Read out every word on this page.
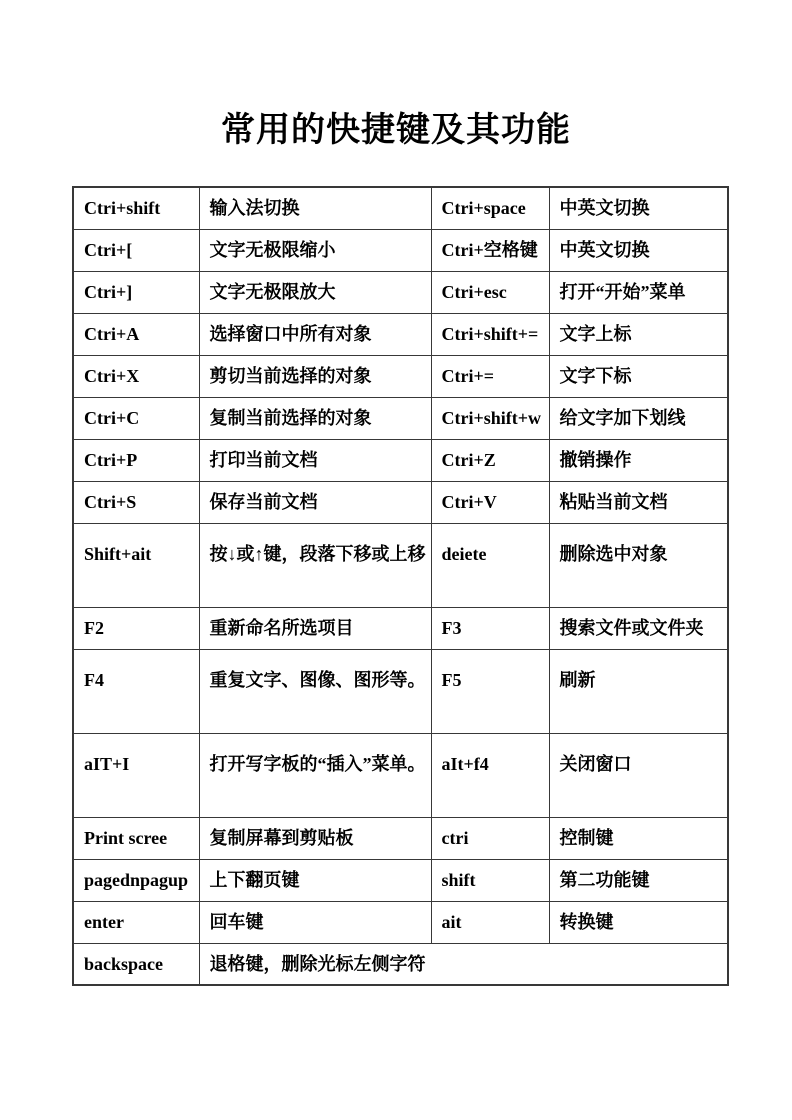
常用的快捷键及其功能
Ctri+shift	输入法切换	Ctri+space	中英文切换
Ctri+[	文字无极限缩小	Ctri+空格键	中英文切换
Ctri+]	文字无极限放大	Ctri+esc	打开“开始”菜单
Ctri+A	选择窗口中所有对象	Ctri+shift+=	文字上标
Ctri+X	剪切当前选择的对象	Ctri+=	文字下标
Ctri+C	复制当前选择的对象	Ctri+shift+w	给文字加下划线
Ctri+P	打印当前文档	Ctri+Z	撤销操作
Ctri+S	保存当前文档	Ctri+V	粘贴当前文档
Shift+ait	按↓或↑键，段落下移或上移	deiete	删除选中对象
F2	重新命名所选项目	F3	搜索文件或文件夹
F4	重复文字、图像、图形等。	F5	刷新
aIT+I	打开写字板的“插入”菜单。	aIt+f4	关闭窗口
Print scree	复制屏幕到剪贴板	ctri	控制键
pagednpagup	上下翻页键	shift	第二功能键
enter	回车键	ait	转换键
backspace	退格键，删除光标左侧字符		
